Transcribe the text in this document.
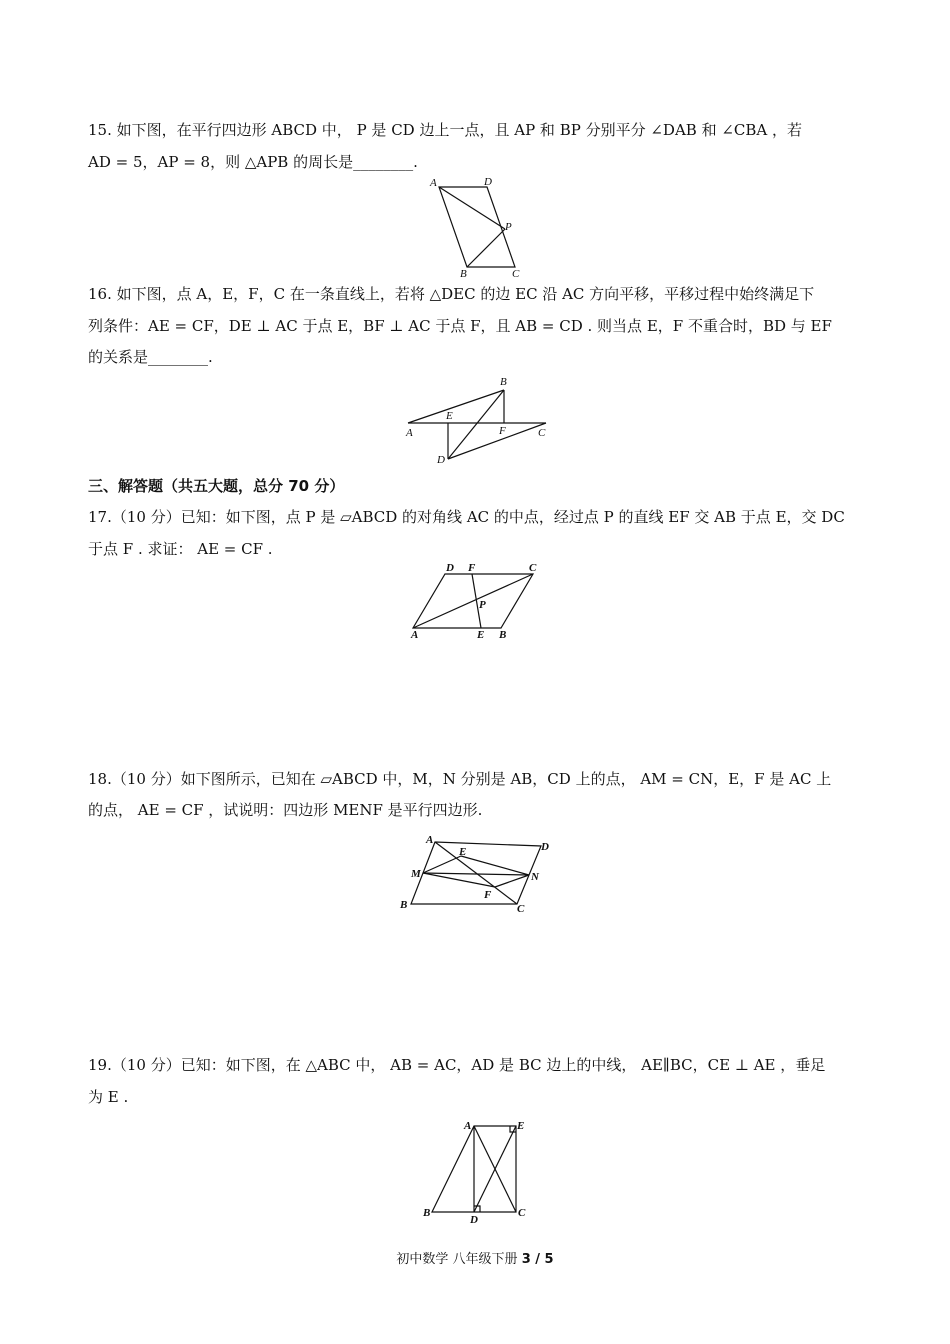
15. 如下图，在平行四边形 ABCD 中， P 是 CD 边上一点，且 AP 和 BP 分别平分 ∠DAB 和 ∠CBA ，若
AD = 5，AP = 8，则 △APB 的周长是________.
A	D
P
B	C
16. 如下图，点 A，E，F，C 在一条直线上，若将 △DEC 的边 EC 沿 AC 方向平移，平移过程中始终满足下
列条件：AE = CF，DE ⊥ AC 于点 E，BF ⊥ AC 于点 F，且 AB = CD . 则当点 E，F 不重合时，BD 与 EF
的关系是________.
B
E
A	F	C
D
三、解答题（共五大题，总分 70 分）
17.（10 分）已知：如下图，点 P 是 ▱ABCD 的对角线 AC 的中点，经过点 P 的直线 EF 交 AB 于点 E，交 DC
于点 F . 求证： AE = CF .
D F	C
P
A	E B
18.（10 分）如下图所示，已知在 ▱ABCD 中，M，N 分别是 AB，CD 上的点， AM = CN，E，F 是 AC 上
的点， AE = CF ，试说明：四边形 MENF 是平行四边形.
A
E	D
M	N
F
B	C
19.（10 分）已知：如下图，在 △ABC 中， AB = AC，AD 是 BC 边上的中线， AE∥BC，CE ⊥ AE ，垂足
为 E .
A	E
B
D
C
初中数学 八年级下册 3 / 5
